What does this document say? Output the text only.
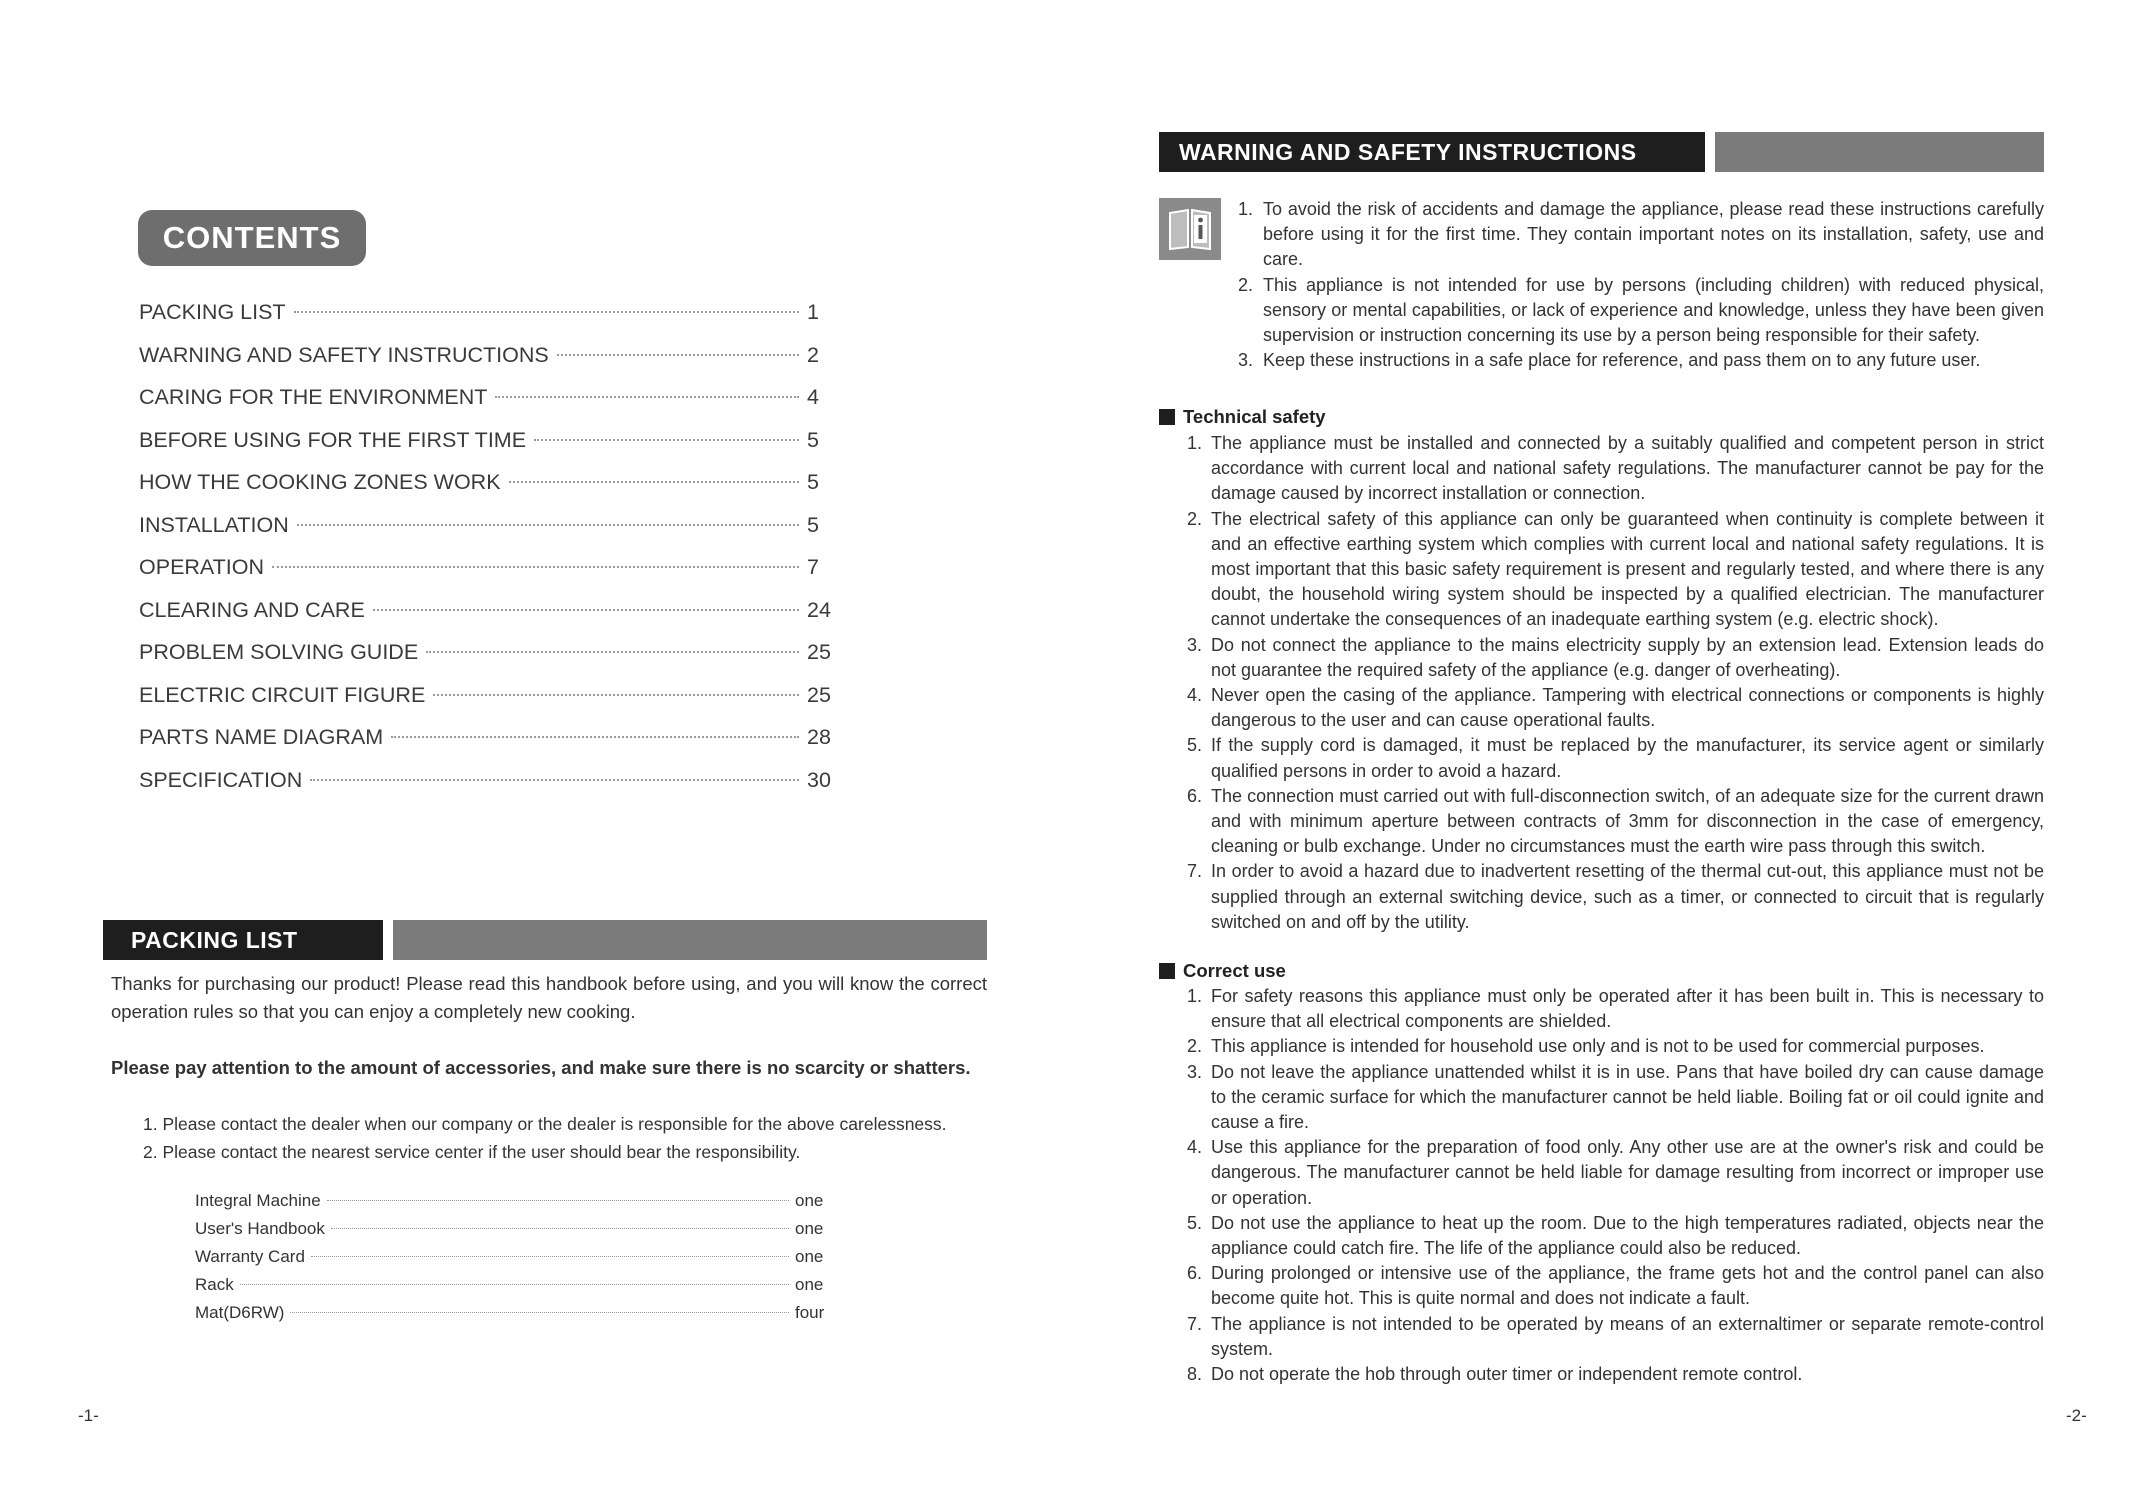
CONTENTS
PACKING LIST	1
WARNING AND SAFETY INSTRUCTIONS	2
CARING FOR THE ENVIRONMENT	4
BEFORE USING FOR THE FIRST TIME	5
HOW THE COOKING ZONES WORK	5
INSTALLATION	5
OPERATION	7
CLEARING AND CARE	24
PROBLEM SOLVING GUIDE	25
ELECTRIC CIRCUIT FIGURE	25
PARTS NAME DIAGRAM	28
SPECIFICATION	30
PACKING LIST
Thanks for purchasing our product! Please read this handbook before using, and you will know the correct operation rules so that you can enjoy a completely new cooking.
Please pay attention to the amount of accessories, and make sure there is no scarcity or shatters.
1. Please contact the dealer when our company or the dealer is responsible for the above carelessness.
2. Please contact the nearest service center if the user should bear the responsibility.
Integral Machine	one
User's Handbook	one
Warranty Card	one
Rack	one
Mat(D6RW)	four
-1-
WARNING AND SAFETY INSTRUCTIONS
1. To avoid the risk of accidents and damage the appliance, please read these instructions carefully before using it for the first time. They contain important notes on its installation, safety, use and care.
2. This appliance is not intended for use by persons (including children) with reduced physical, sensory or mental capabilities, or lack of experience and knowledge, unless they have been given supervision or instruction concerning its use by a person being responsible for their safety.
3. Keep these instructions in a safe place for reference, and pass them on to any future user.
Technical safety
1. The appliance must be installed and connected by a suitably qualified and competent person in strict accordance with current local and national safety regulations. The manufacturer cannot be pay for the damage caused by incorrect installation or connection.
2. The electrical safety of this appliance can only be guaranteed when continuity is complete between it and an effective earthing system which complies with current local and national safety regulations. It is most important that this basic safety requirement is present and regularly tested, and where there is any doubt, the household wiring system should be inspected by a qualified electrician. The manufacturer cannot undertake the consequences of an inadequate earthing system (e.g. electric shock).
3. Do not connect the appliance to the mains electricity supply by an extension lead. Extension leads do not guarantee the required safety of the appliance (e.g. danger of overheating).
4. Never open the casing of the appliance. Tampering with electrical connections or components is highly dangerous to the user and can cause operational faults.
5. If the supply cord is damaged, it must be replaced by the manufacturer, its service agent or similarly qualified persons in order to avoid a hazard.
6. The connection must carried out with full-disconnection switch, of an adequate size for the current drawn and with minimum aperture between contracts of 3mm for disconnection in the case of emergency, cleaning or bulb exchange. Under no circumstances must the earth wire pass through this switch.
7. In order to avoid a hazard due to inadvertent resetting of the thermal cut-out, this appliance must not be supplied through an external switching device, such as a timer, or connected to circuit that is regularly switched on and off by the utility.
Correct use
1. For safety reasons this appliance must only be operated after it has been built in. This is necessary to ensure that all electrical components are shielded.
2. This appliance is intended for household use only and is not to be used for commercial purposes.
3. Do not leave the appliance unattended whilst it is in use. Pans that have boiled dry can cause damage to the ceramic surface for which the manufacturer cannot be held liable. Boiling fat or oil could ignite and cause a fire.
4. Use this appliance for the preparation of food only. Any other use are at the owner's risk and could be dangerous. The manufacturer cannot be held liable for damage resulting from incorrect or improper use or operation.
5. Do not use the appliance to heat up the room. Due to the high temperatures radiated, objects near the appliance could catch fire. The life of the appliance could also be reduced.
6. During prolonged or intensive use of the appliance, the frame gets hot and the control panel can also become quite hot. This is quite normal and does not indicate a fault.
7. The appliance is not intended to be operated by means of an externaltimer or separate remote-control system.
8. Do not operate the hob through outer timer or independent remote control.
-2-
